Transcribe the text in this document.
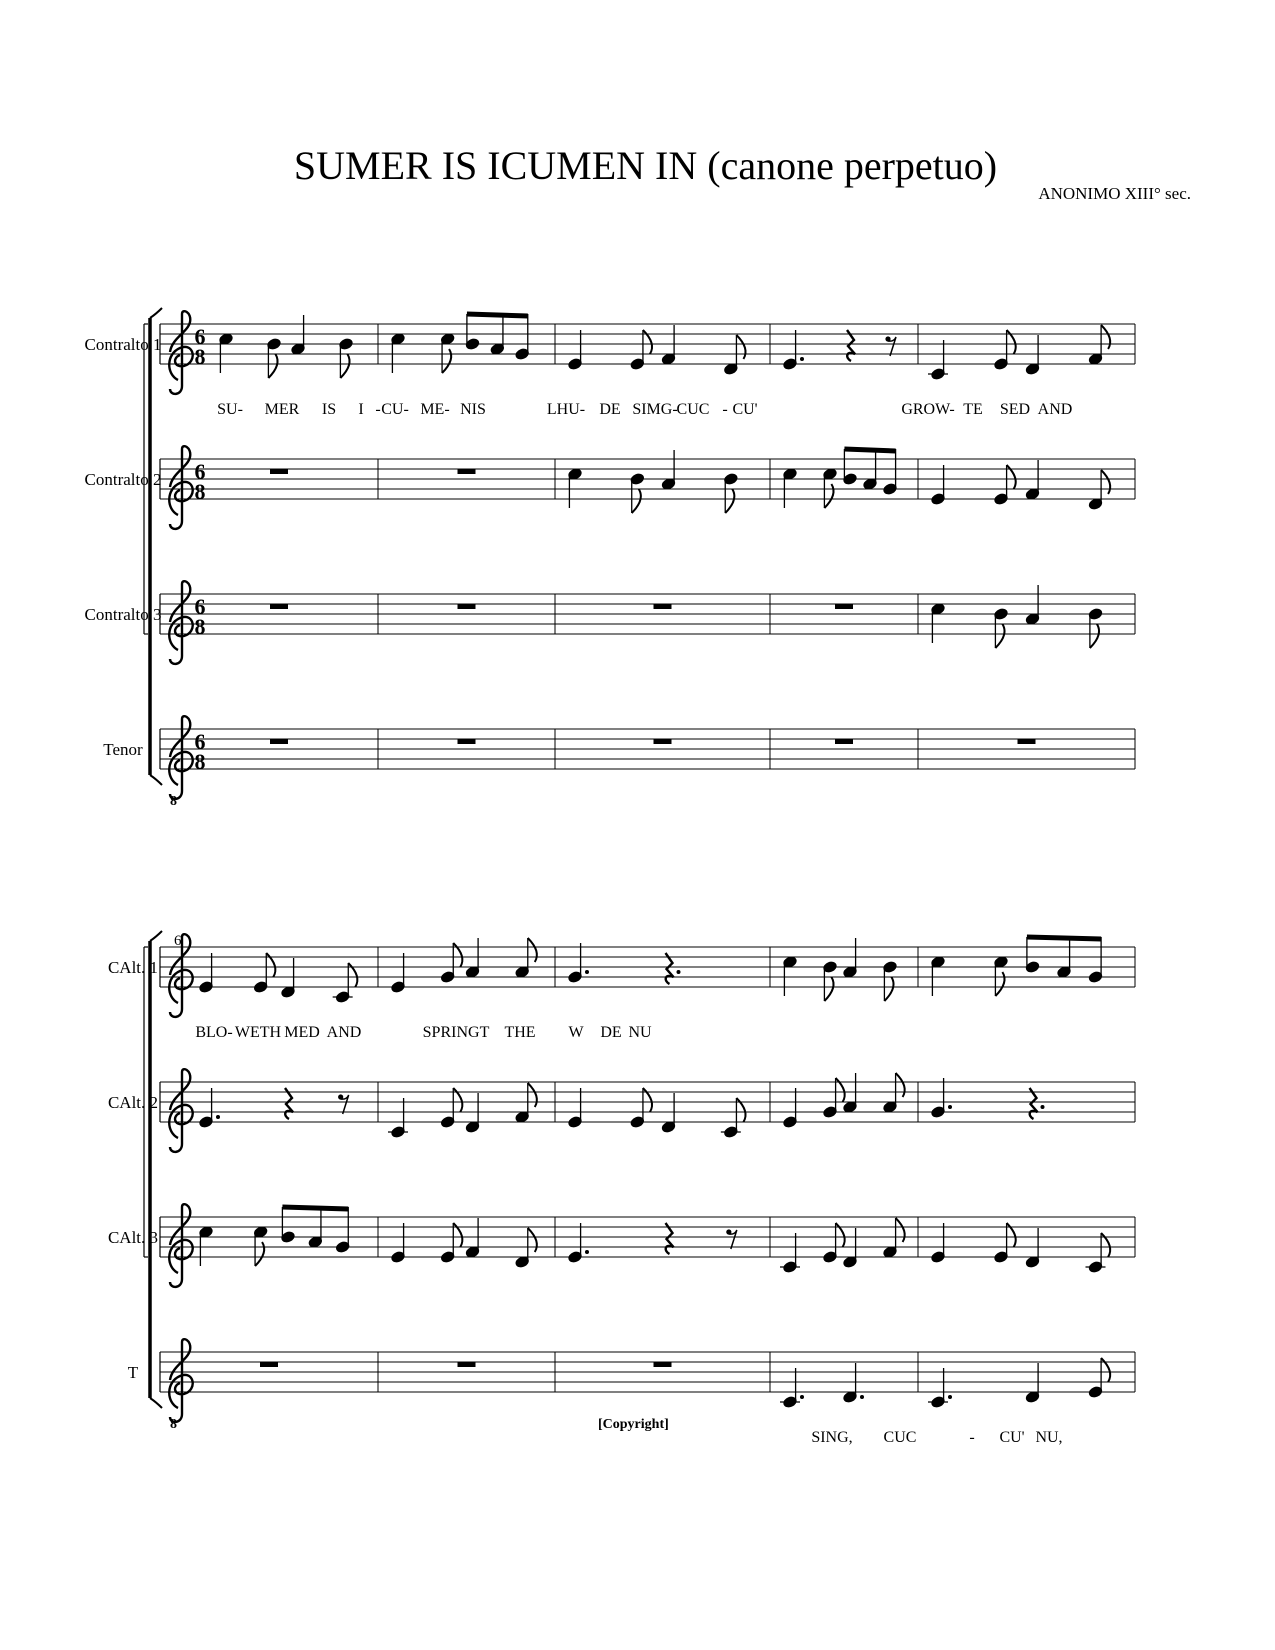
SUMER IS ICUMEN IN (canone perpetuo)
ANONIMO XIII° sec.
[Copyright]
Contralto 1 6
8
SU- MER IS I - CU- ME- NIS	LHU- DE SIMG-
CUC - CU'	GROW- TE SED AND
Contralto 2 6
8
Contralto 3 6
8
Tenor
8
6
8
6
CAlt. 1
BLO- WETH MED AND	SPRINGT THE W DE NU
CAlt. 2
CAlt. 3
T
8
SING, CUC	- CU' NU,
